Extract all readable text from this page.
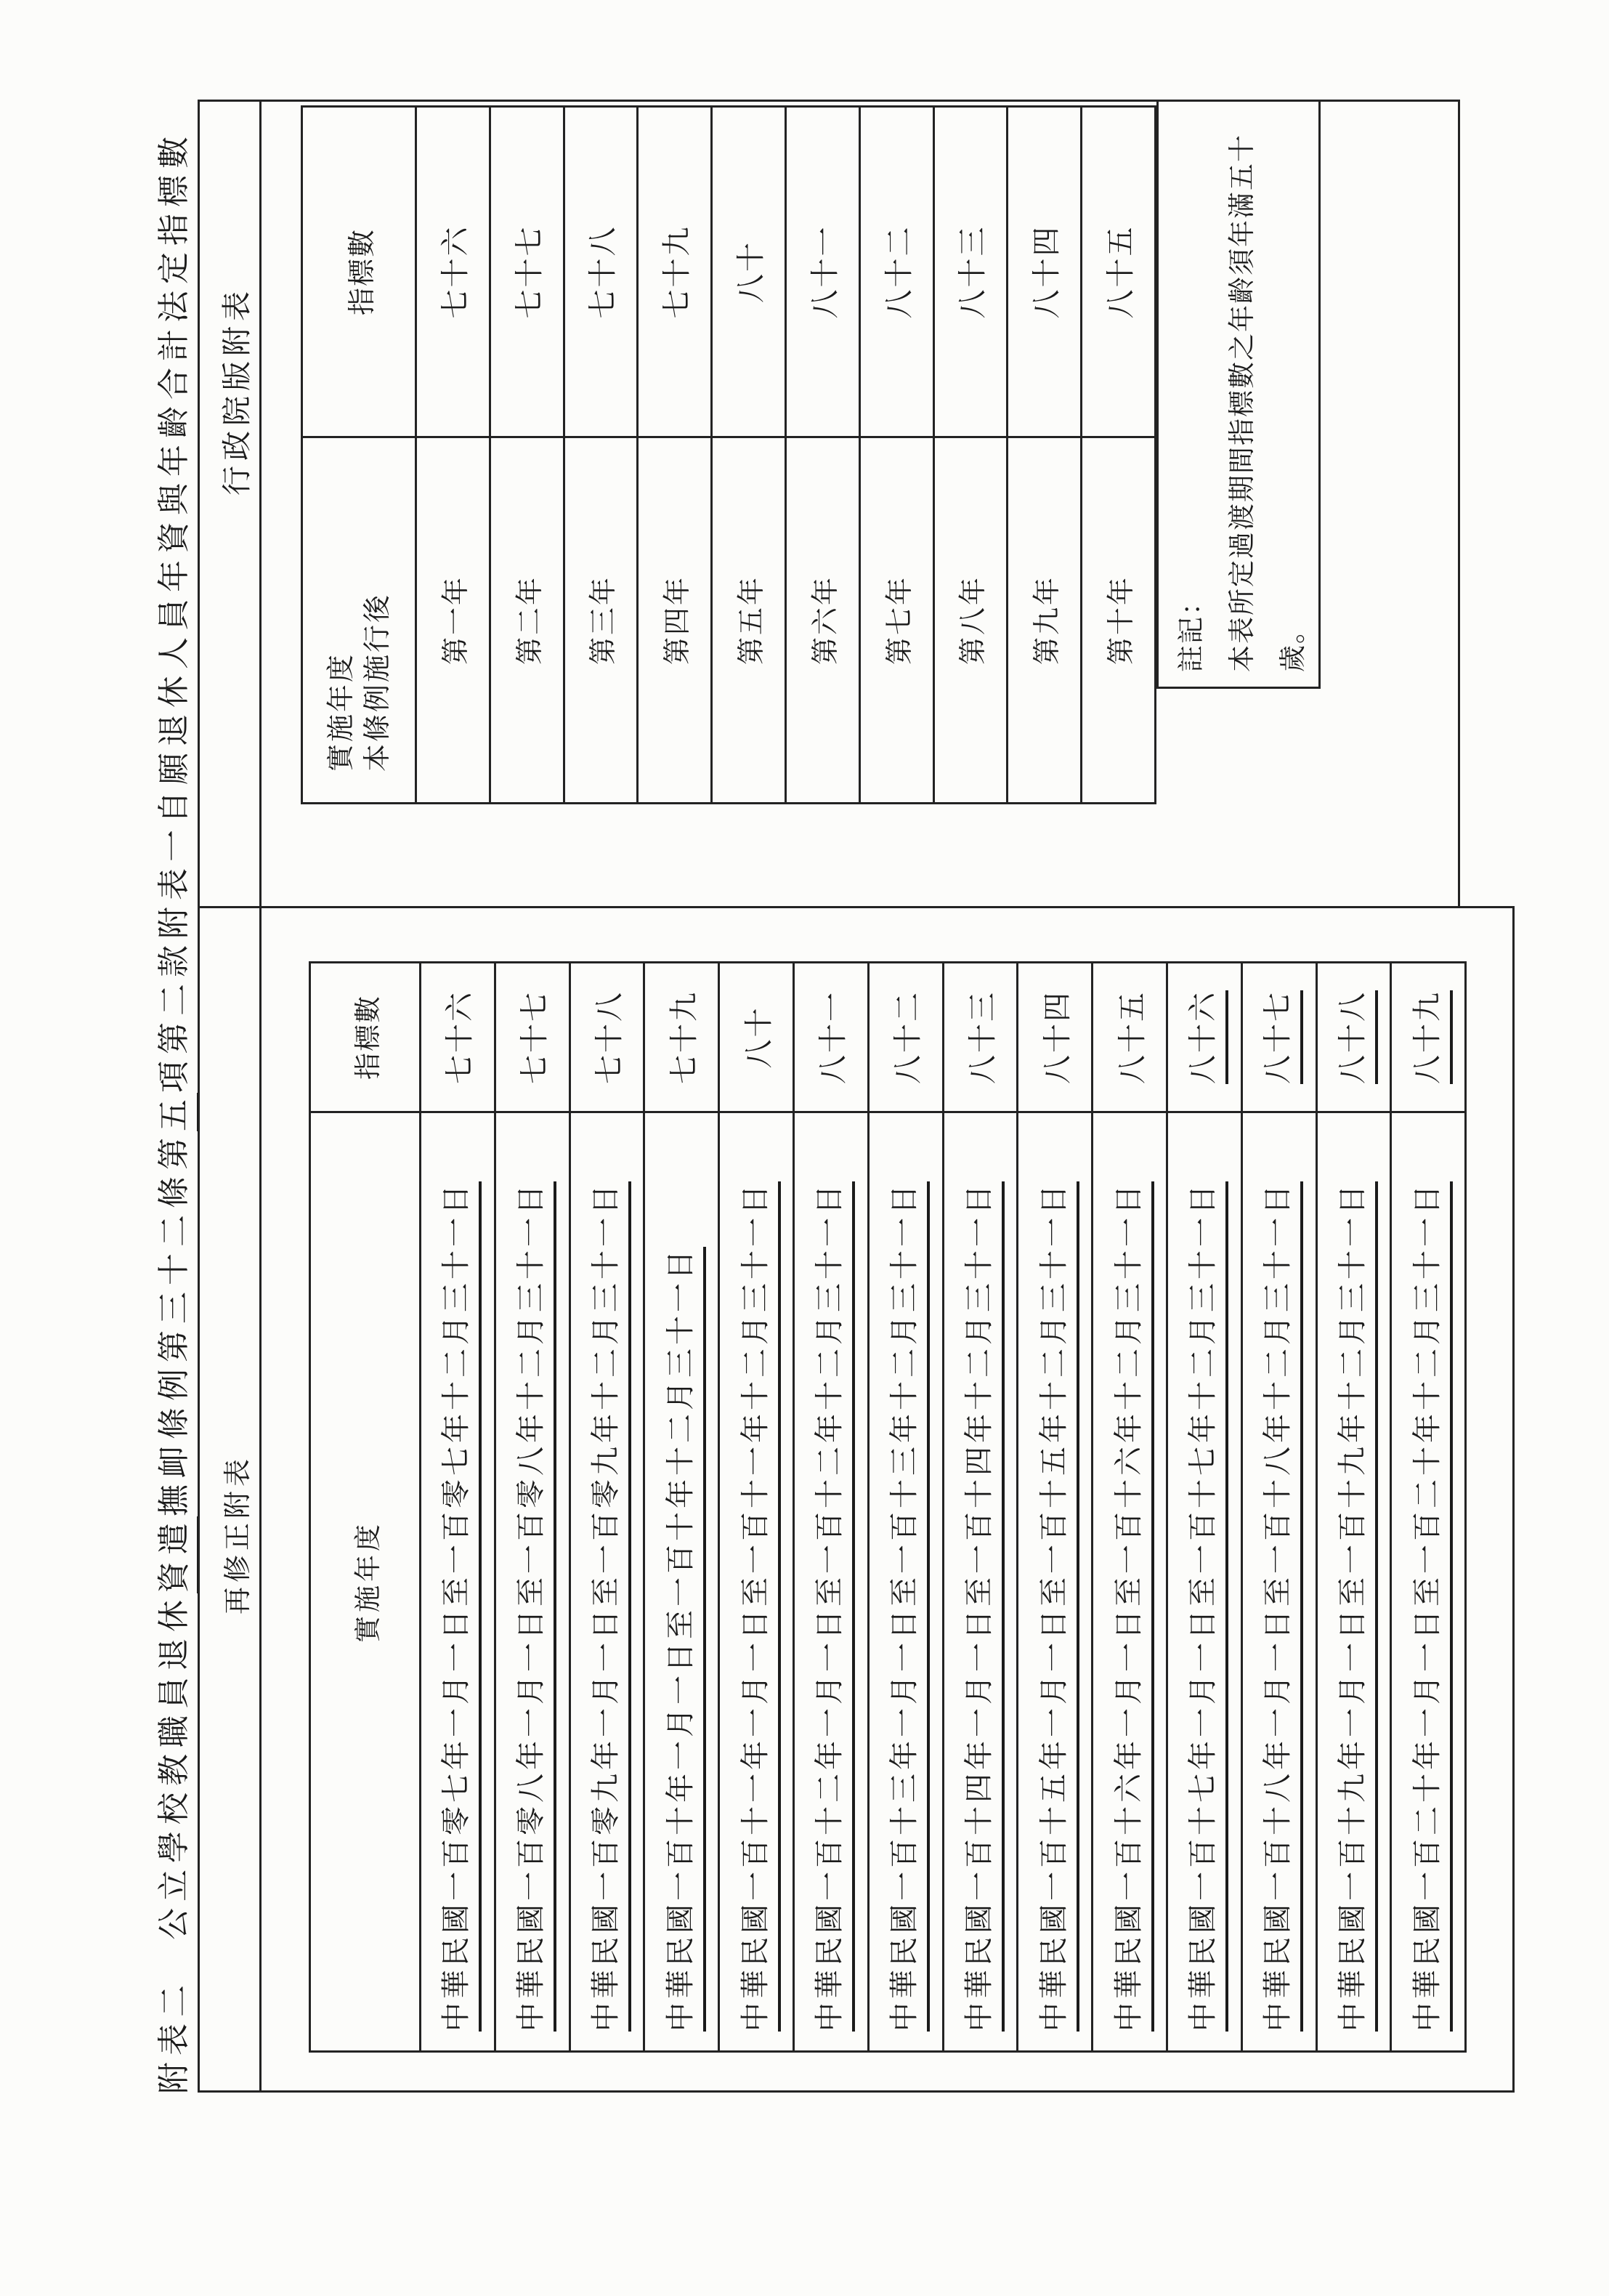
附表二　公立學校教職員退休資遣撫卹條例第三十二條第五項第二款附表一自願退休人員年資與年齡合計法定指標數
再修正附表	實施年度
指標數
中華民國一百零七年一月一日至一百零七年十二月三十一日
七十六
中華民國一百零八年一月一日至一百零八年十二月三十一日
七十七
中華民國一百零九年一月一日至一百零九年十二月三十一日
七十八
中華民國一百十年一月一日至一百十年十二月三十一日
七十九
中華民國一百十一年一月一日至一百十一年十二月三十一日
八十
中華民國一百十二年一月一日至一百十二年十二月三十一日
八十一
中華民國一百十三年一月一日至一百十三年十二月三十一日
八十二
中華民國一百十四年一月一日至一百十四年十二月三十一日
八十三
中華民國一百十五年一月一日至一百十五年十二月三十一日
八十四
中華民國一百十六年一月一日至一百十六年十二月三十一日
八十五
中華民國一百十七年一月一日至一百十七年十二月三十一日
八十六
中華民國一百十八年一月一日至一百十八年十二月三十一日
八十七
中華民國一百十九年一月一日至一百十九年十二月三十一日
八十八
中華民國一百二十年一月一日至一百二十年十二月三十一日
八十九
行政院版附表
實施年度 本條例施行後
指標數
第一年
七十六
第二年
七十七
第三年
七十八
第四年
七十九
第五年
八十
第六年
八十一
第七年
八十二
第八年
八十三
第九年
八十四
第十年
八十五
註記： 本表所定過渡期間指標數之年齡須年滿五十 歲。
